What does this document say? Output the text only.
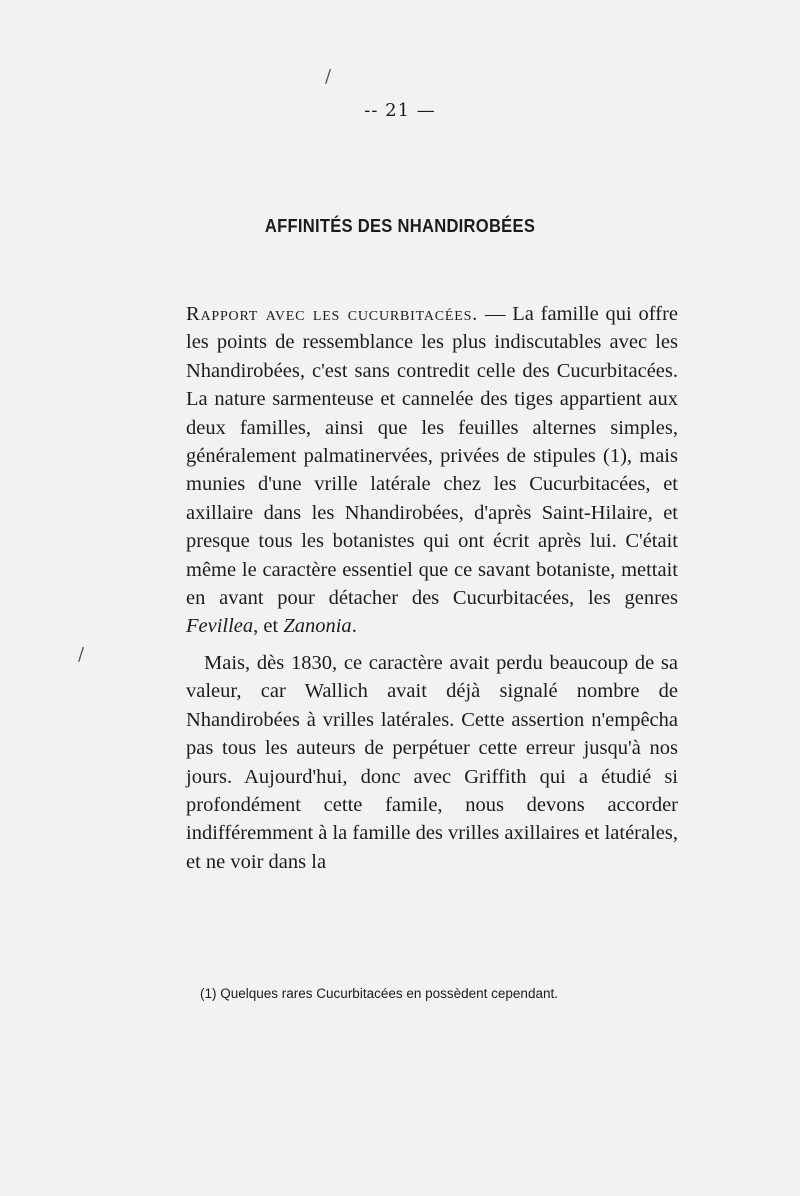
/
/
-- 21 —
AFFINITÉS DES NHANDIROBÉES

Rapport avec les cucurbitacées. — La famille qui offre les points de ressemblance les plus indiscutables avec les Nhandirobées, c'est sans contredit celle des Cucurbitacées. La nature sarmenteuse et cannelée des tiges appartient aux deux familles, ainsi que les feuilles alternes simples, généralement palmatinervées, privées de stipules (1), mais munies d'une vrille latérale chez les Cucurbitacées, et axillaire dans les Nhandirobées, d'après Saint-Hilaire, et presque tous les botanistes qui ont écrit après lui. C'était même le caractère essentiel que ce savant botaniste, mettait en avant pour détacher des Cucurbitacées, les genres Fevillea, et Zanonia.

Mais, dès 1830, ce caractère avait perdu beaucoup de sa valeur, car Wallich avait déjà signalé nombre de Nhandirobées à vrilles latérales. Cette assertion n'empêcha pas tous les auteurs de perpétuer cette erreur jusqu'à nos jours. Aujourd'hui, donc avec Griffith qui a étudié si profondément cette famile, nous devons accorder indifféremment à la famille des vrilles axillaires et latérales, et ne voir dans la

(1) Quelques rares Cucurbitacées en possèdent cependant.
